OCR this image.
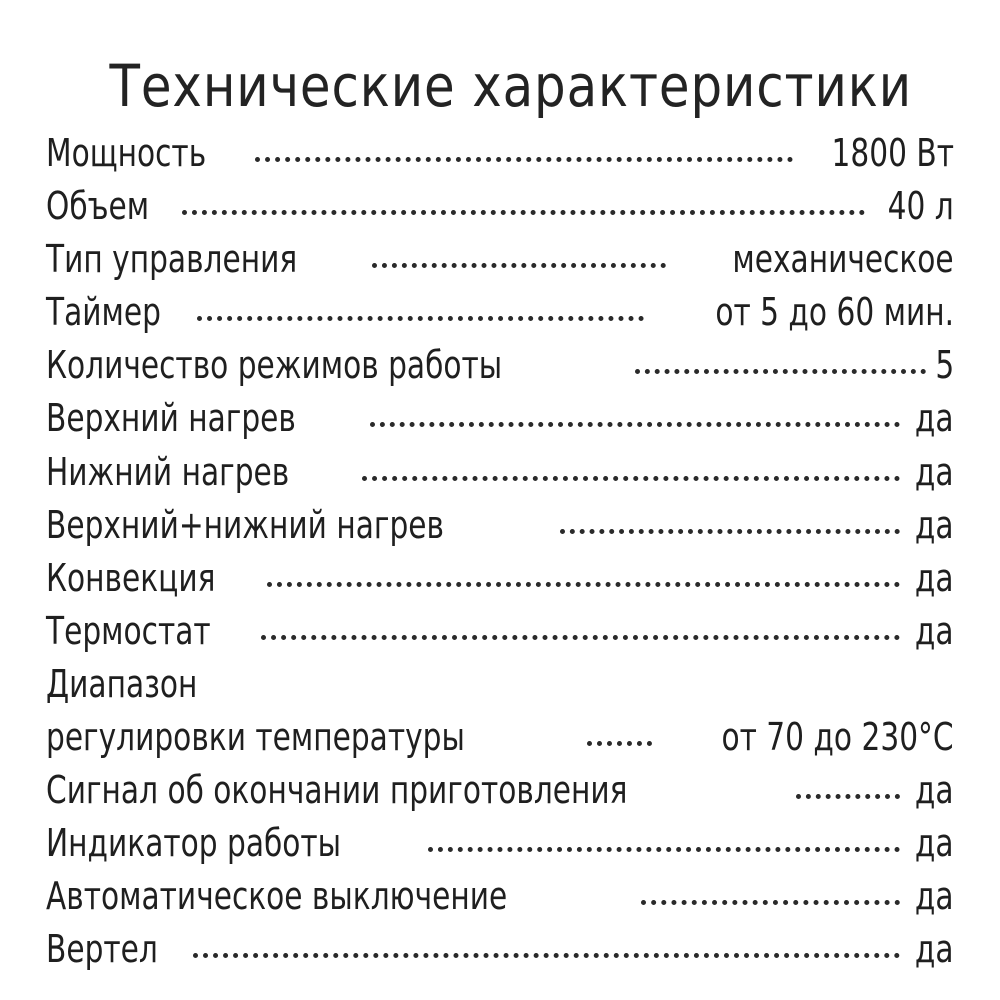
Технические характеристики
Мощность	1800 Вт
Объем	40 л
Тип управления	механическое
Таймер	от 5 до 60 мин.
Количество режимов работы	5
Верхний нагрев	да
Нижний нагрев	да
Верхний+нижний нагрев	да
Конвекция	да
Термостат	да
Диапазон
регулировки температуры	от 70 до 230°С
Сигнал об окончании приготовления	да
Индикатор работы	да
Автоматическое выключение	да
Вертел	да
